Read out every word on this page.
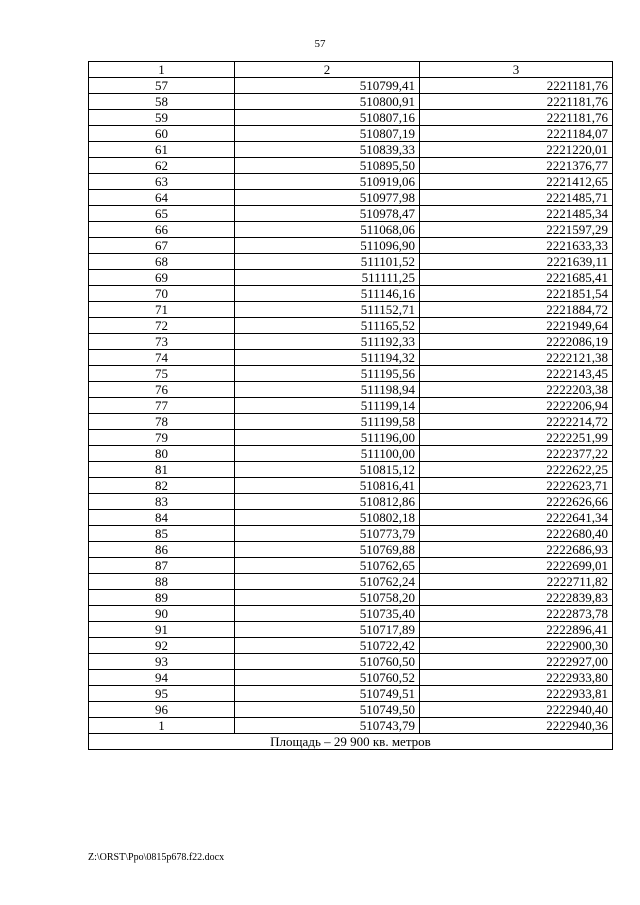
57
1	2	3
57	510799,41	2221181,76
58	510800,91	2221181,76
59	510807,16	2221181,76
60	510807,19	2221184,07
61	510839,33	2221220,01
62	510895,50	2221376,77
63	510919,06	2221412,65
64	510977,98	2221485,71
65	510978,47	2221485,34
66	511068,06	2221597,29
67	511096,90	2221633,33
68	511101,52	2221639,11
69	511111,25	2221685,41
70	511146,16	2221851,54
71	511152,71	2221884,72
72	511165,52	2221949,64
73	511192,33	2222086,19
74	511194,32	2222121,38
75	511195,56	2222143,45
76	511198,94	2222203,38
77	511199,14	2222206,94
78	511199,58	2222214,72
79	511196,00	2222251,99
80	511100,00	2222377,22
81	510815,12	2222622,25
82	510816,41	2222623,71
83	510812,86	2222626,66
84	510802,18	2222641,34
85	510773,79	2222680,40
86	510769,88	2222686,93
87	510762,65	2222699,01
88	510762,24	2222711,82
89	510758,20	2222839,83
90	510735,40	2222873,78
91	510717,89	2222896,41
92	510722,42	2222900,30
93	510760,50	2222927,00
94	510760,52	2222933,80
95	510749,51	2222933,81
96	510749,50	2222940,40
1	510743,79	2222940,36
Площадь – 29 900 кв. метров		
Z:\ORST\Ppo\0815p678.f22.docx
